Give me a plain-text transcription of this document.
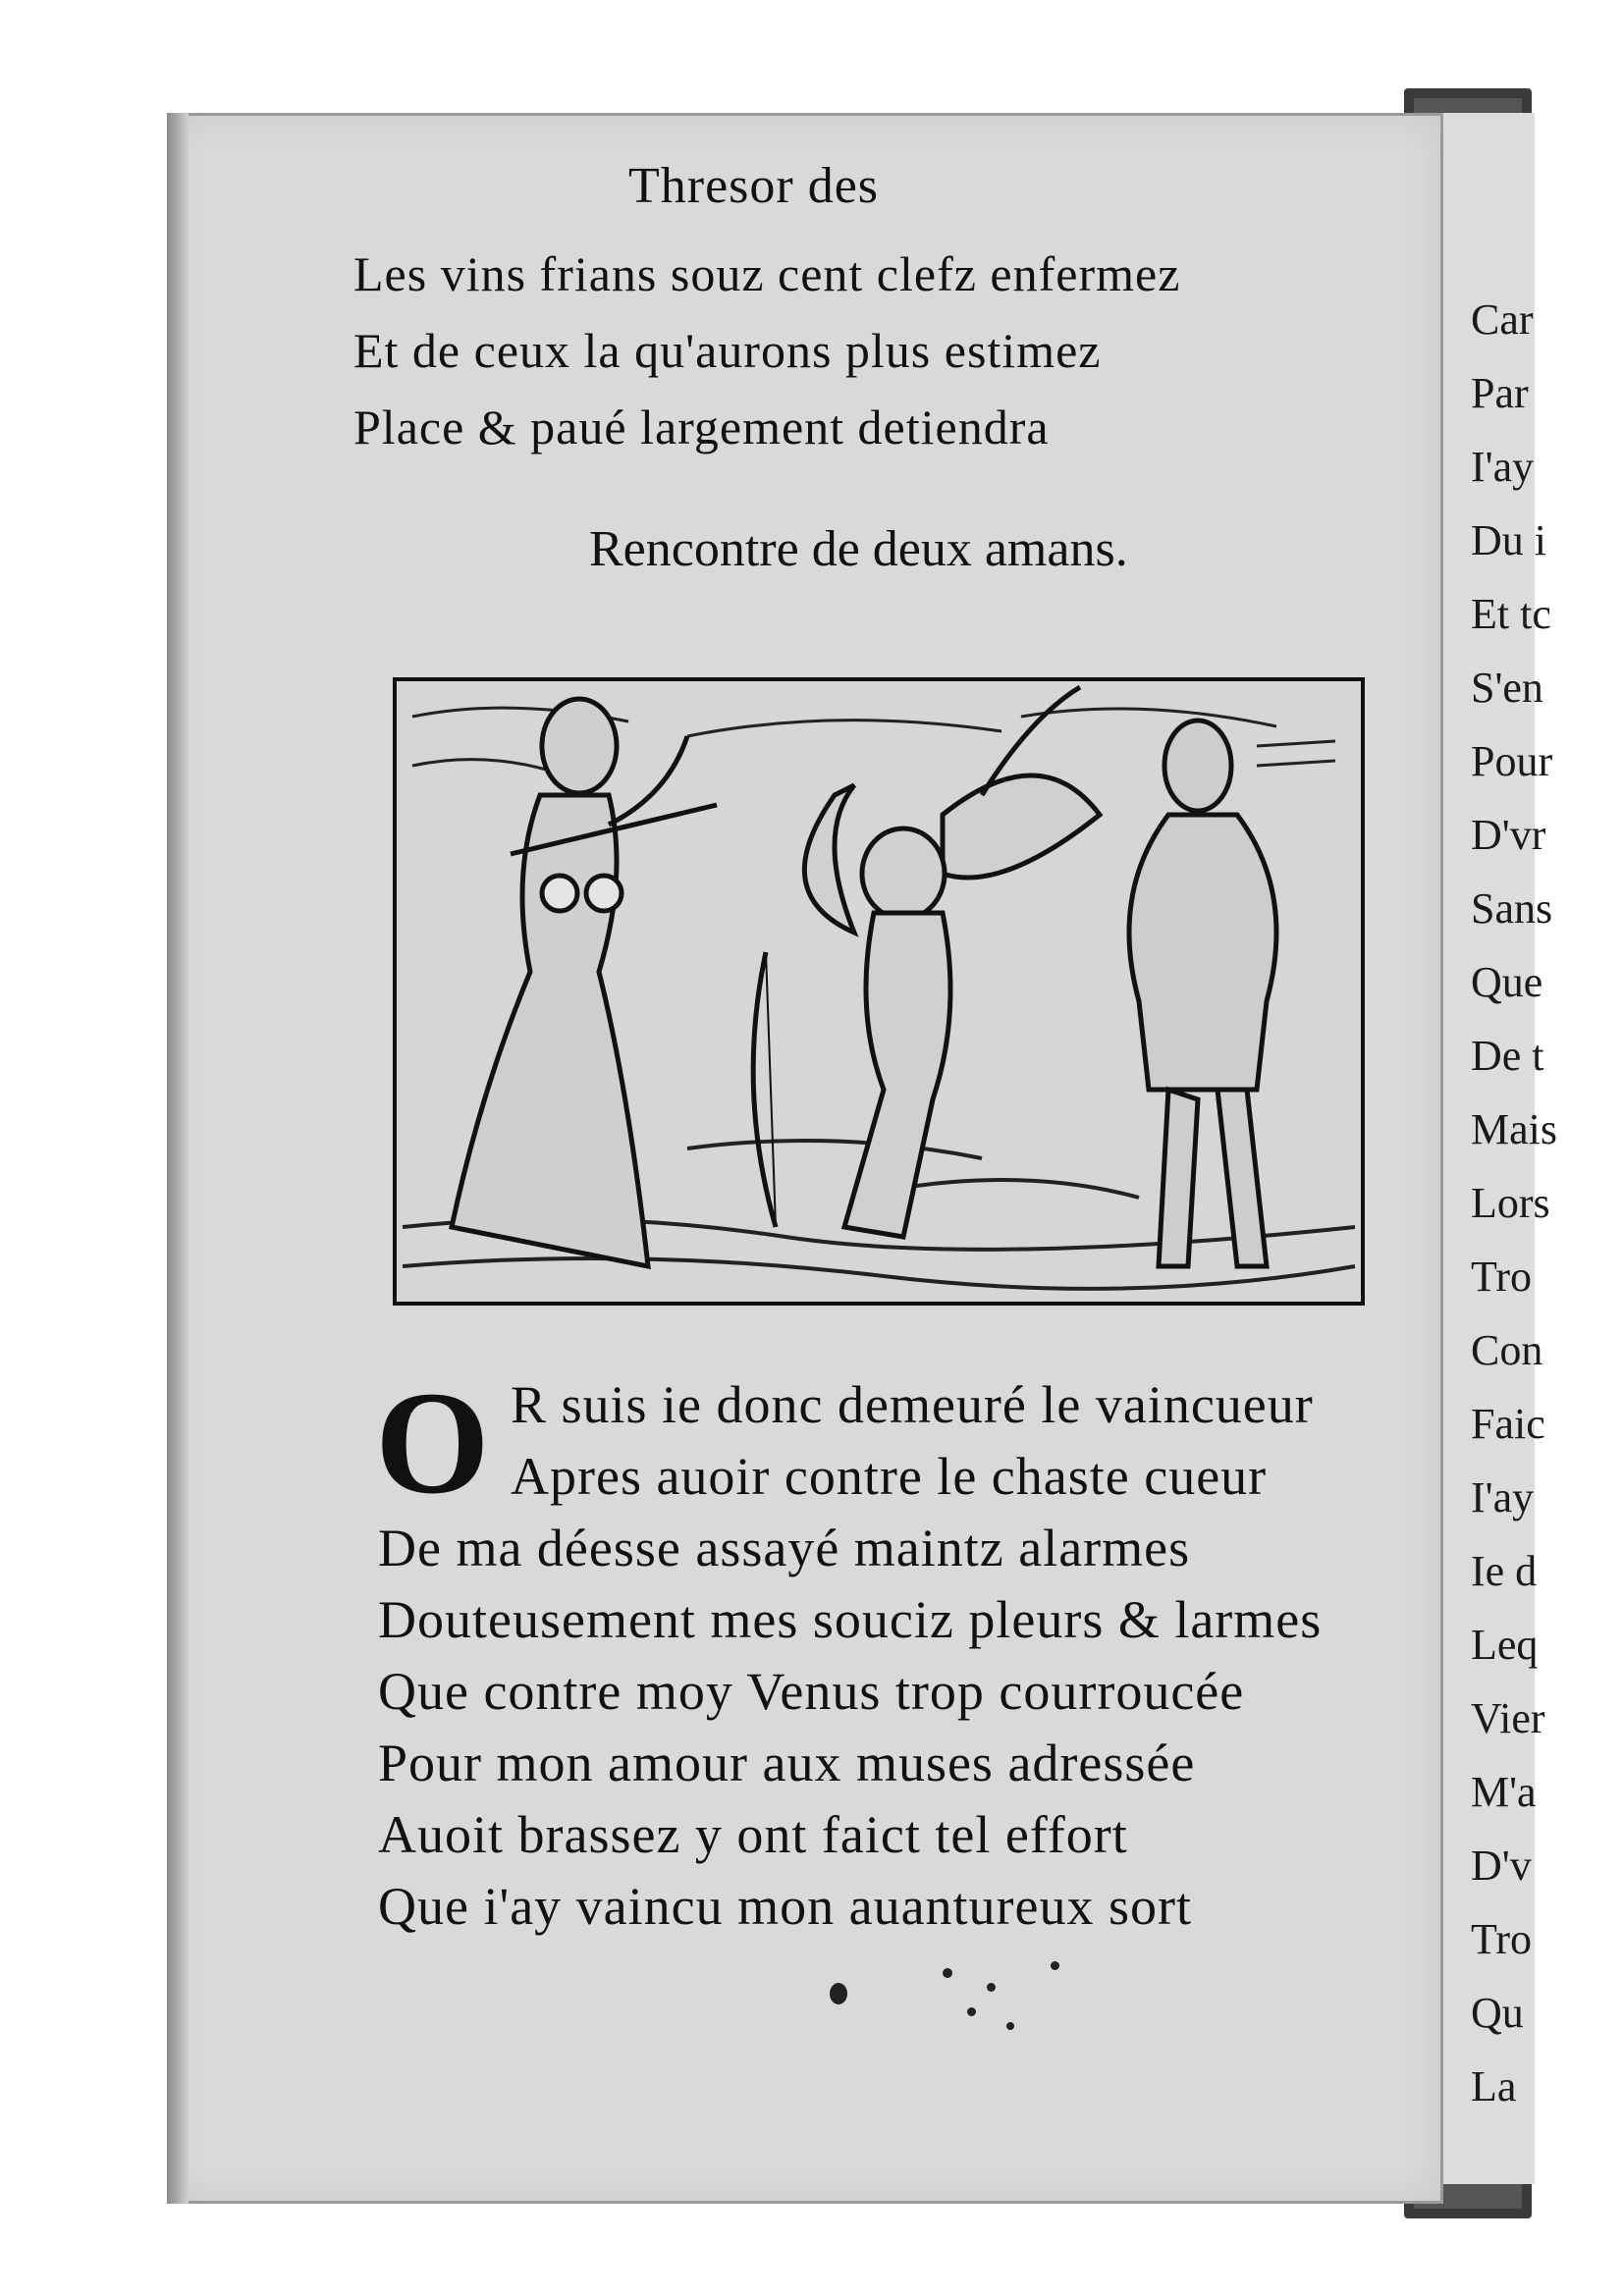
Car
Par
I'ay
Du i
Et tc
S'en
Pour
D'vr
Sans
Que
De t
Mais
Lors
Tro
Con
Faic
I'ay
Ie d
Leq
Vier
M'a
D'v
Tro
Qu
La
Thresor des
Les vins frians souz cent clefz enfermez
Et de ceux la qu'aurons plus estimez
Place & paué largement detiendra
Rencontre de deux amans.
O R suis ie donc demeuré le vaincueur
Apres auoir contre le chaste cueur
De ma déesse assayé maintz alarmes
Douteusement mes souciz pleurs & larmes
Que contre moy Venus trop courroucée
Pour mon amour aux muses adressée
Auoit brassez y ont faict tel effort
Que i'ay vaincu mon auantureux sort
